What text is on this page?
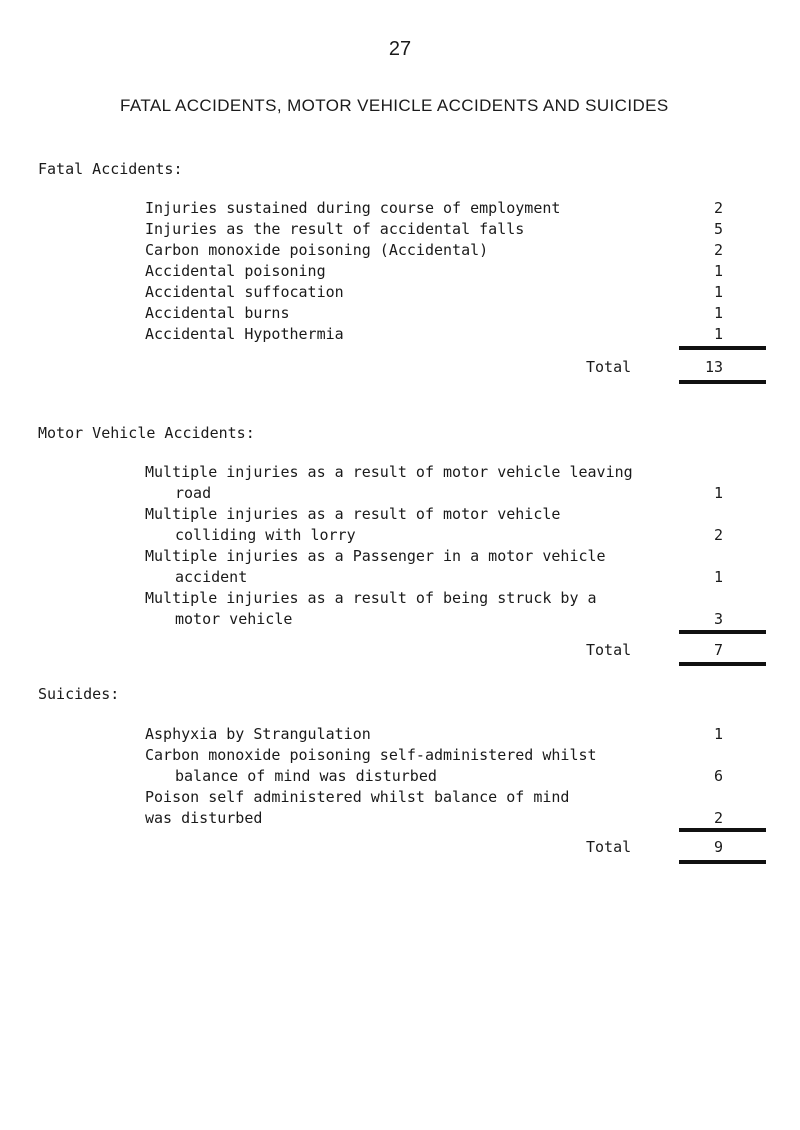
27
FATAL ACCIDENTS, MOTOR VEHICLE ACCIDENTS AND SUICIDES
Fatal Accidents:
Injuries sustained during course of employment	2
Injuries as the result of accidental falls	5
Carbon monoxide poisoning (Accidental)	2
Accidental poisoning	1
Accidental suffocation	1
Accidental burns	1
Accidental Hypothermia	1
Total	13
Motor Vehicle Accidents:
Multiple injuries as a result of motor vehicle leaving
road	1
Multiple injuries as a result of motor vehicle
colliding with lorry	2
Multiple injuries as a Passenger in a motor vehicle
accident	1
Multiple injuries as a result of being struck by a
motor vehicle	3
Total	7
Suicides:
Asphyxia by Strangulation	1
Carbon monoxide poisoning self-administered whilst
balance of mind was disturbed	6
Poison self administered whilst balance of mind
was disturbed	2
Total	9
